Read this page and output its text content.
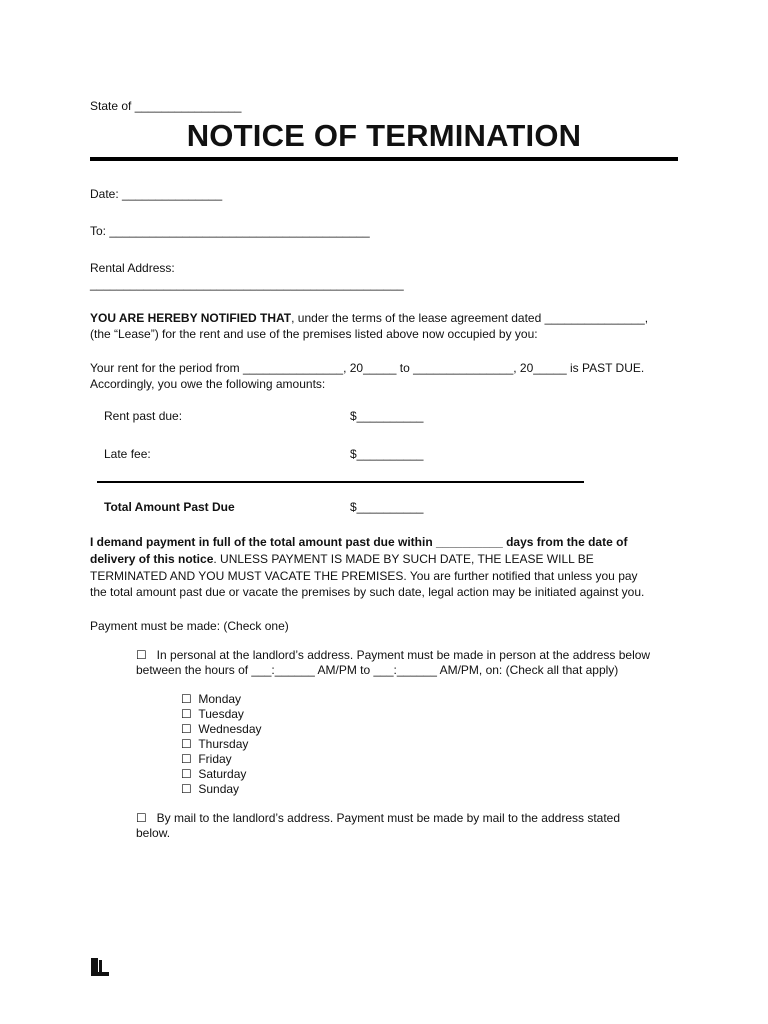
State of ________________
NOTICE OF TERMINATION
Date: _______________
To: _______________________________________
Rental Address:
_______________________________________________
YOU ARE HEREBY NOTIFIED THAT, under the terms of the lease agreement dated _______________,
(the “Lease”) for the rent and use of the premises listed above now occupied by you:
Your rent for the period from _______________, 20_____ to _______________, 20_____ is PAST DUE.
Accordingly, you owe the following amounts:
Rent past due:	$__________
Late fee:	$__________
Total Amount Past Due	$__________
I demand payment in full of the total amount past due within __________ days from the date of
delivery of this notice. UNLESS PAYMENT IS MADE BY SUCH DATE, THE LEASE WILL BE
TERMINATED AND YOU MUST VACATE THE PREMISES. You are further notified that unless you pay
the total amount past due or vacate the premises by such date, legal action may be initiated against you.
Payment must be made: (Check one)
☐ In personal at the landlord’s address. Payment must be made in person at the address below
between the hours of ___:______ AM/PM to ___:______ AM/PM, on: (Check all that apply)
☐ Monday
☐ Tuesday
☐ Wednesday
☐ Thursday
☐ Friday
☐ Saturday
☐ Sunday
☐ By mail to the landlord’s address. Payment must be made by mail to the address stated
below.
